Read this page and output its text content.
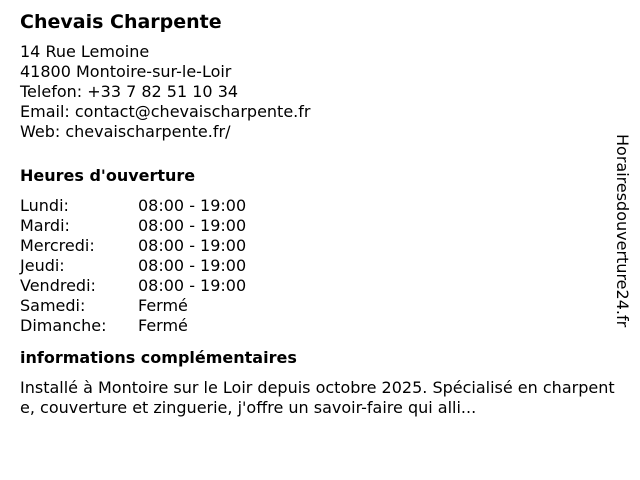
Chevais Charpente
14 Rue Lemoine
41800 Montoire-sur-le-Loir
Telefon: +33 7 82 51 10 34
Email: contact@chevaischarpente.fr
Web: chevaischarpente.fr/
Heures d'ouverture
Lundi:	08:00 - 19:00
Mardi:	08:00 - 19:00
Mercredi:	08:00 - 19:00
Jeudi:	08:00 - 19:00
Vendredi:	08:00 - 19:00
Samedi:	Fermé
Dimanche:	Fermé
informations complémentaires
Installé à Montoire sur le Loir depuis octobre 2025. Spécialisé en charpente, couverture et zinguerie, j'offre un savoir-faire qui alli...
Horairesdouverture24.fr
